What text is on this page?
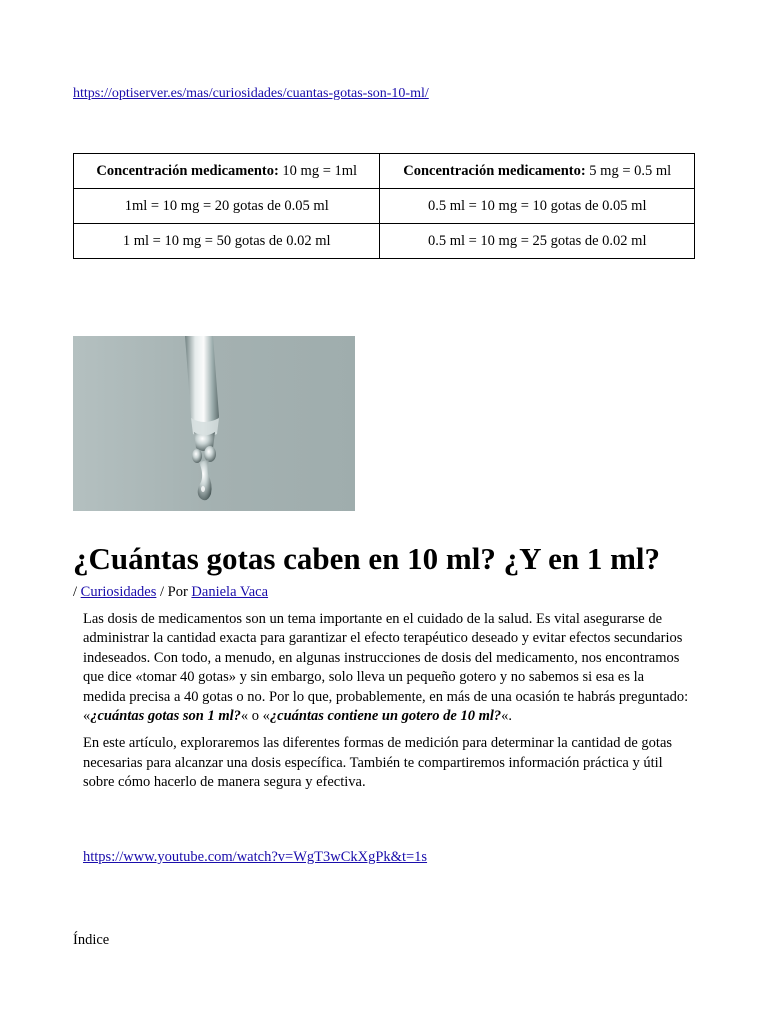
https://optiserver.es/mas/curiosidades/cuantas-gotas-son-10-ml/
Concentración medicamento: 10 mg = 1ml	Concentración medicamento: 5 mg = 0.5 ml
1ml = 10 mg = 20 gotas de 0.05 ml	0.5 ml = 10 mg = 10 gotas de 0.05 ml
1 ml = 10 mg = 50 gotas de 0.02 ml	0.5 ml = 10 mg = 25 gotas de 0.02 ml
¿Cuántas gotas caben en 10 ml? ¿Y en 1 ml?
/ Curiosidades / Por Daniela Vaca

Las dosis de medicamentos son un tema importante en el cuidado de la salud. Es vital asegurarse de administrar la cantidad exacta para garantizar el efecto terapéutico deseado y evitar efectos secundarios indeseados. Con todo, a menudo, en algunas instrucciones de dosis del medicamento, nos encontramos que dice «tomar 40 gotas» y sin embargo, solo lleva un pequeño gotero y no sabemos si esa es la medida precisa a 40 gotas o no. Por lo que, probablemente, en más de una ocasión te habrás preguntado: «¿cuántas gotas son 1 ml?« o «¿cuántas contiene un gotero de 10 ml?«.

En este artículo, exploraremos las diferentes formas de medición para determinar la cantidad de gotas necesarias para alcanzar una dosis específica. También te compartiremos información práctica y útil sobre cómo hacerlo de manera segura y efectiva.

https://www.youtube.com/watch?v=WgT3wCkXgPk&t=1s
Índice
